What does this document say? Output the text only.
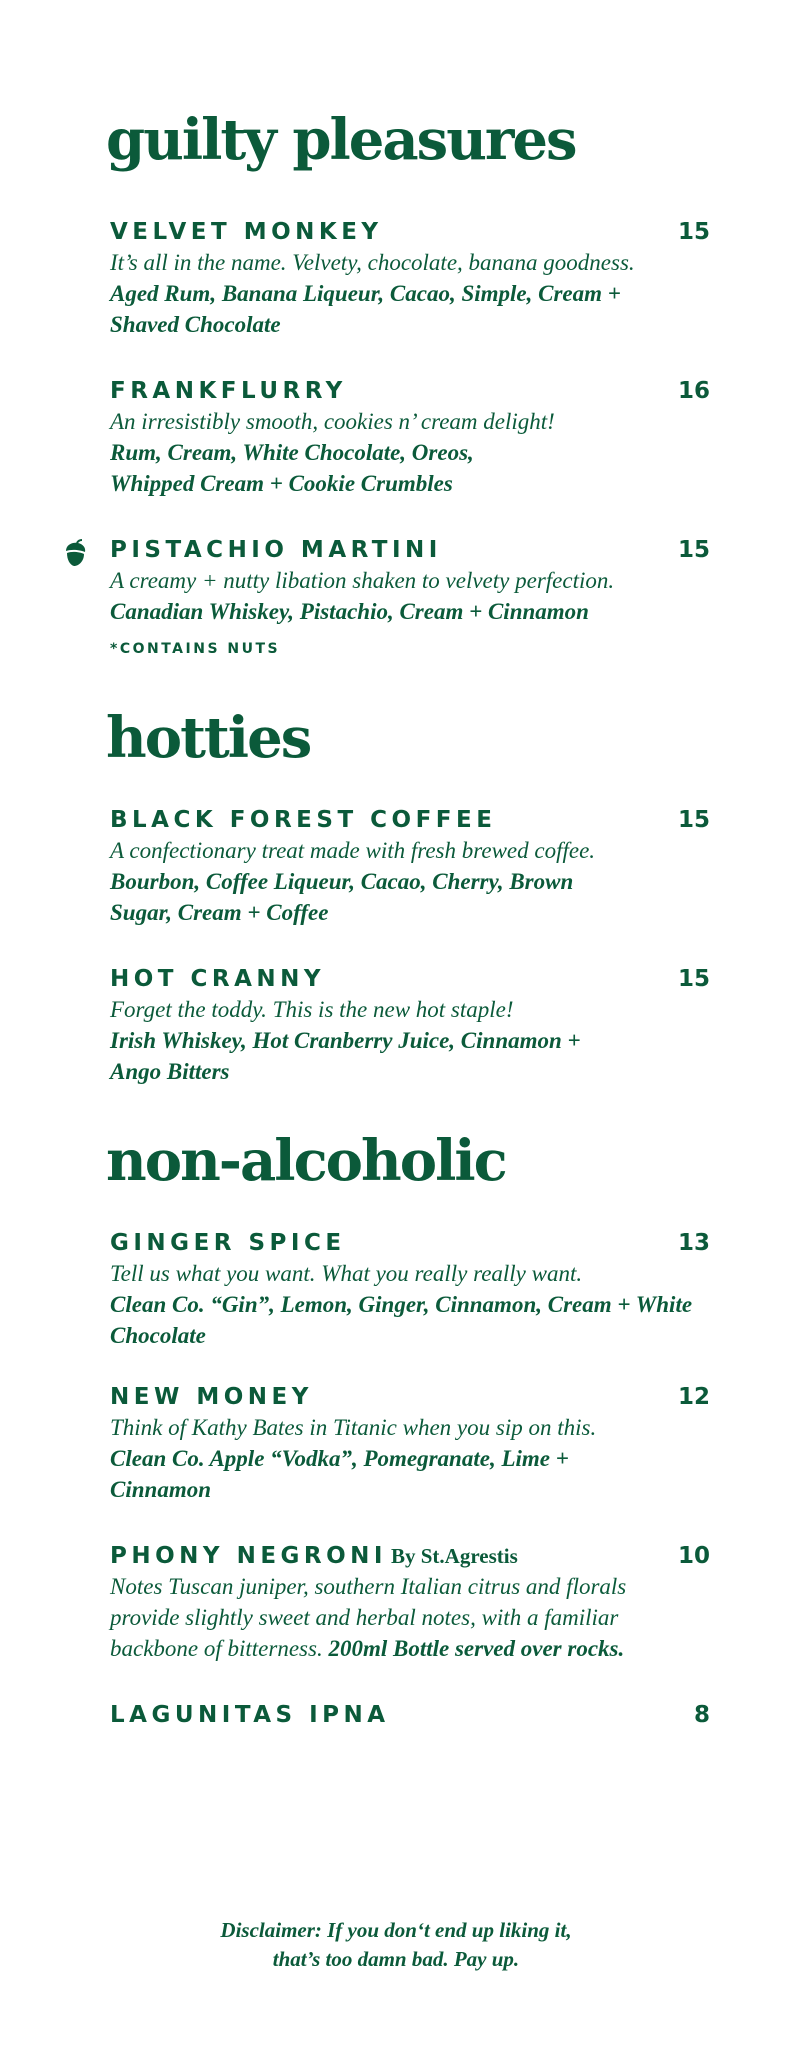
guilty pleasures
VELVET MONKEY	15
It’s all in the name. Velvety, chocolate, banana goodness.
Aged Rum, Banana Liqueur, Cacao, Simple, Cream + Shaved Chocolate
FRANKFLURRY	16
An irresistibly smooth, cookies n’ cream delight!
Rum, Cream, White Chocolate, Oreos, Whipped Cream + Cookie Crumbles
PISTACHIO MARTINI	15
A creamy + nutty libation shaken to velvety perfection.
Canadian Whiskey, Pistachio, Cream + Cinnamon
*CONTAINS NUTS
hotties
BLACK FOREST COFFEE	15
A confectionary treat made with fresh brewed coffee.
Bourbon, Coffee Liqueur, Cacao, Cherry, Brown Sugar, Cream + Coffee
HOT CRANNY	15
Forget the toddy. This is the new hot staple!
Irish Whiskey, Hot Cranberry Juice, Cinnamon + Ango Bitters
non-alcoholic
GINGER SPICE	13
Tell us what you want. What you really really want.
Clean Co. “Gin”, Lemon, Ginger, Cinnamon, Cream + White Chocolate
NEW MONEY	12
Think of Kathy Bates in Titanic when you sip on this.
Clean Co. Apple “Vodka”, Pomegranate, Lime + Cinnamon
PHONY NEGRONI By St.Agrestis	10
Notes Tuscan juniper, southern Italian citrus and florals provide slightly sweet and herbal notes, with a familiar backbone of bitterness. 200ml Bottle served over rocks.
LAGUNITAS IPNA	8
Disclaimer: If you don‘t end up liking it,
that’s too damn bad. Pay up.
